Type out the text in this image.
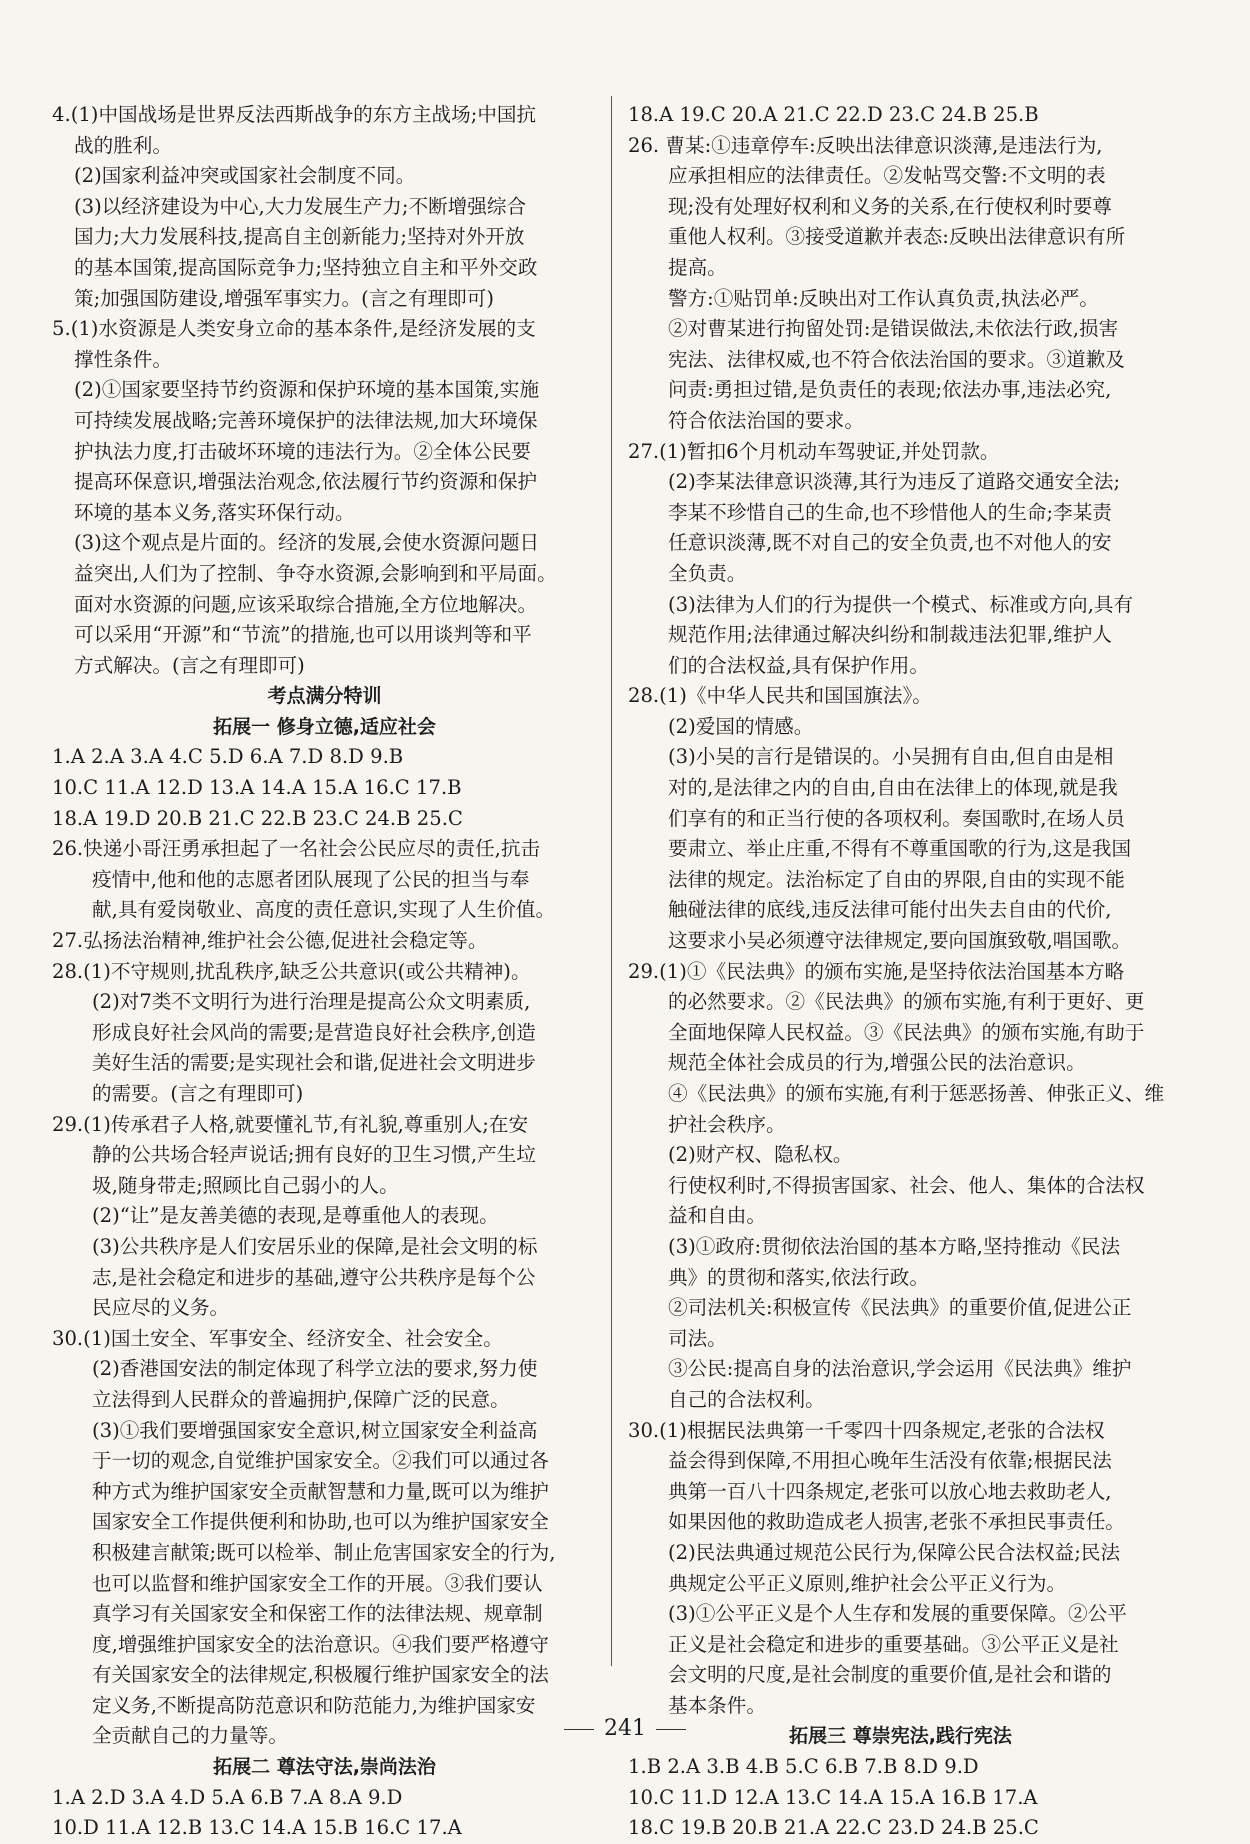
4.(1)中国战场是世界反法西斯战争的东方主战场;中国抗
战的胜利。
(2)国家利益冲突或国家社会制度不同。
(3)以经济建设为中心,大力发展生产力;不断增强综合
国力;大力发展科技,提高自主创新能力;坚持对外开放
的基本国策,提高国际竞争力;坚持独立自主和平外交政
策;加强国防建设,增强军事实力。(言之有理即可)
5.(1)水资源是人类安身立命的基本条件,是经济发展的支
撑性条件。
(2)①国家要坚持节约资源和保护环境的基本国策,实施
可持续发展战略;完善环境保护的法律法规,加大环境保
护执法力度,打击破坏环境的违法行为。②全体公民要
提高环保意识,增强法治观念,依法履行节约资源和保护
环境的基本义务,落实环保行动。
(3)这个观点是片面的。经济的发展,会使水资源问题日
益突出,人们为了控制、争夺水资源,会影响到和平局面。
面对水资源的问题,应该采取综合措施,全方位地解决。
可以采用“开源”和“节流”的措施,也可以用谈判等和平
方式解决。(言之有理即可)
考点满分特训
拓展一 修身立德,适应社会
1.A 2.A 3.A 4.C 5.D 6.A 7.D 8.D 9.B
10.C 11.A 12.D 13.A 14.A 15.A 16.C 17.B
18.A 19.D 20.B 21.C 22.B 23.C 24.B 25.C
26.快递小哥汪勇承担起了一名社会公民应尽的责任,抗击
疫情中,他和他的志愿者团队展现了公民的担当与奉
献,具有爱岗敬业、高度的责任意识,实现了人生价值。
27.弘扬法治精神,维护社会公德,促进社会稳定等。
28.(1)不守规则,扰乱秩序,缺乏公共意识(或公共精神)。
(2)对7类不文明行为进行治理是提高公众文明素质,
形成良好社会风尚的需要;是营造良好社会秩序,创造
美好生活的需要;是实现社会和谐,促进社会文明进步
的需要。(言之有理即可)
29.(1)传承君子人格,就要懂礼节,有礼貌,尊重别人;在安
静的公共场合轻声说话;拥有良好的卫生习惯,产生垃
圾,随身带走;照顾比自己弱小的人。
(2)“让”是友善美德的表现,是尊重他人的表现。
(3)公共秩序是人们安居乐业的保障,是社会文明的标
志,是社会稳定和进步的基础,遵守公共秩序是每个公
民应尽的义务。
30.(1)国土安全、军事安全、经济安全、社会安全。
(2)香港国安法的制定体现了科学立法的要求,努力使
立法得到人民群众的普遍拥护,保障广泛的民意。
(3)①我们要增强国家安全意识,树立国家安全利益高
于一切的观念,自觉维护国家安全。②我们可以通过各
种方式为维护国家安全贡献智慧和力量,既可以为维护
国家安全工作提供便利和协助,也可以为维护国家安全
积极建言献策;既可以检举、制止危害国家安全的行为,
也可以监督和维护国家安全工作的开展。③我们要认
真学习有关国家安全和保密工作的法律法规、规章制
度,增强维护国家安全的法治意识。④我们要严格遵守
有关国家安全的法律规定,积极履行维护国家安全的法
定义务,不断提高防范意识和防范能力,为维护国家安
全贡献自己的力量等。
拓展二 尊法守法,崇尚法治
1.A 2.D 3.A 4.D 5.A 6.B 7.A 8.A 9.D
10.D 11.A 12.B 13.C 14.A 15.B 16.C 17.A
18.A 19.C 20.A 21.C 22.D 23.C 24.B 25.B
26. 曹某:①违章停车:反映出法律意识淡薄,是违法行为,
应承担相应的法律责任。②发帖骂交警:不文明的表
现;没有处理好权利和义务的关系,在行使权利时要尊
重他人权利。③接受道歉并表态:反映出法律意识有所
提高。
警方:①贴罚单:反映出对工作认真负责,执法必严。
②对曹某进行拘留处罚:是错误做法,未依法行政,损害
宪法、法律权威,也不符合依法治国的要求。③道歉及
问责:勇担过错,是负责任的表现;依法办事,违法必究,
符合依法治国的要求。
27.(1)暂扣6个月机动车驾驶证,并处罚款。
(2)李某法律意识淡薄,其行为违反了道路交通安全法;
李某不珍惜自己的生命,也不珍惜他人的生命;李某责
任意识淡薄,既不对自己的安全负责,也不对他人的安
全负责。
(3)法律为人们的行为提供一个模式、标准或方向,具有
规范作用;法律通过解决纠纷和制裁违法犯罪,维护人
们的合法权益,具有保护作用。
28.(1)《中华人民共和国国旗法》。
(2)爱国的情感。
(3)小吴的言行是错误的。小吴拥有自由,但自由是相
对的,是法律之内的自由,自由在法律上的体现,就是我
们享有的和正当行使的各项权利。奏国歌时,在场人员
要肃立、举止庄重,不得有不尊重国歌的行为,这是我国
法律的规定。法治标定了自由的界限,自由的实现不能
触碰法律的底线,违反法律可能付出失去自由的代价,
这要求小吴必须遵守法律规定,要向国旗致敬,唱国歌。
29.(1)①《民法典》的颁布实施,是坚持依法治国基本方略
的必然要求。②《民法典》的颁布实施,有利于更好、更
全面地保障人民权益。③《民法典》的颁布实施,有助于
规范全体社会成员的行为,增强公民的法治意识。
④《民法典》的颁布实施,有利于惩恶扬善、伸张正义、维
护社会秩序。
(2)财产权、隐私权。
行使权利时,不得损害国家、社会、他人、集体的合法权
益和自由。
(3)①政府:贯彻依法治国的基本方略,坚持推动《民法
典》的贯彻和落实,依法行政。
②司法机关:积极宣传《民法典》的重要价值,促进公正
司法。
③公民:提高自身的法治意识,学会运用《民法典》维护
自己的合法权利。
30.(1)根据民法典第一千零四十四条规定,老张的合法权
益会得到保障,不用担心晚年生活没有依靠;根据民法
典第一百八十四条规定,老张可以放心地去救助老人,
如果因他的救助造成老人损害,老张不承担民事责任。
(2)民法典通过规范公民行为,保障公民合法权益;民法
典规定公平正义原则,维护社会公平正义行为。
(3)①公平正义是个人生存和发展的重要保障。②公平
正义是社会稳定和进步的重要基础。③公平正义是社
会文明的尺度,是社会制度的重要价值,是社会和谐的
基本条件。
拓展三 尊崇宪法,践行宪法
1.B 2.A 3.B 4.B 5.C 6.B 7.B 8.D 9.D
10.C 11.D 12.A 13.C 14.A 15.A 16.B 17.A
18.C 19.B 20.B 21.A 22.C 23.D 24.B 25.C
241
